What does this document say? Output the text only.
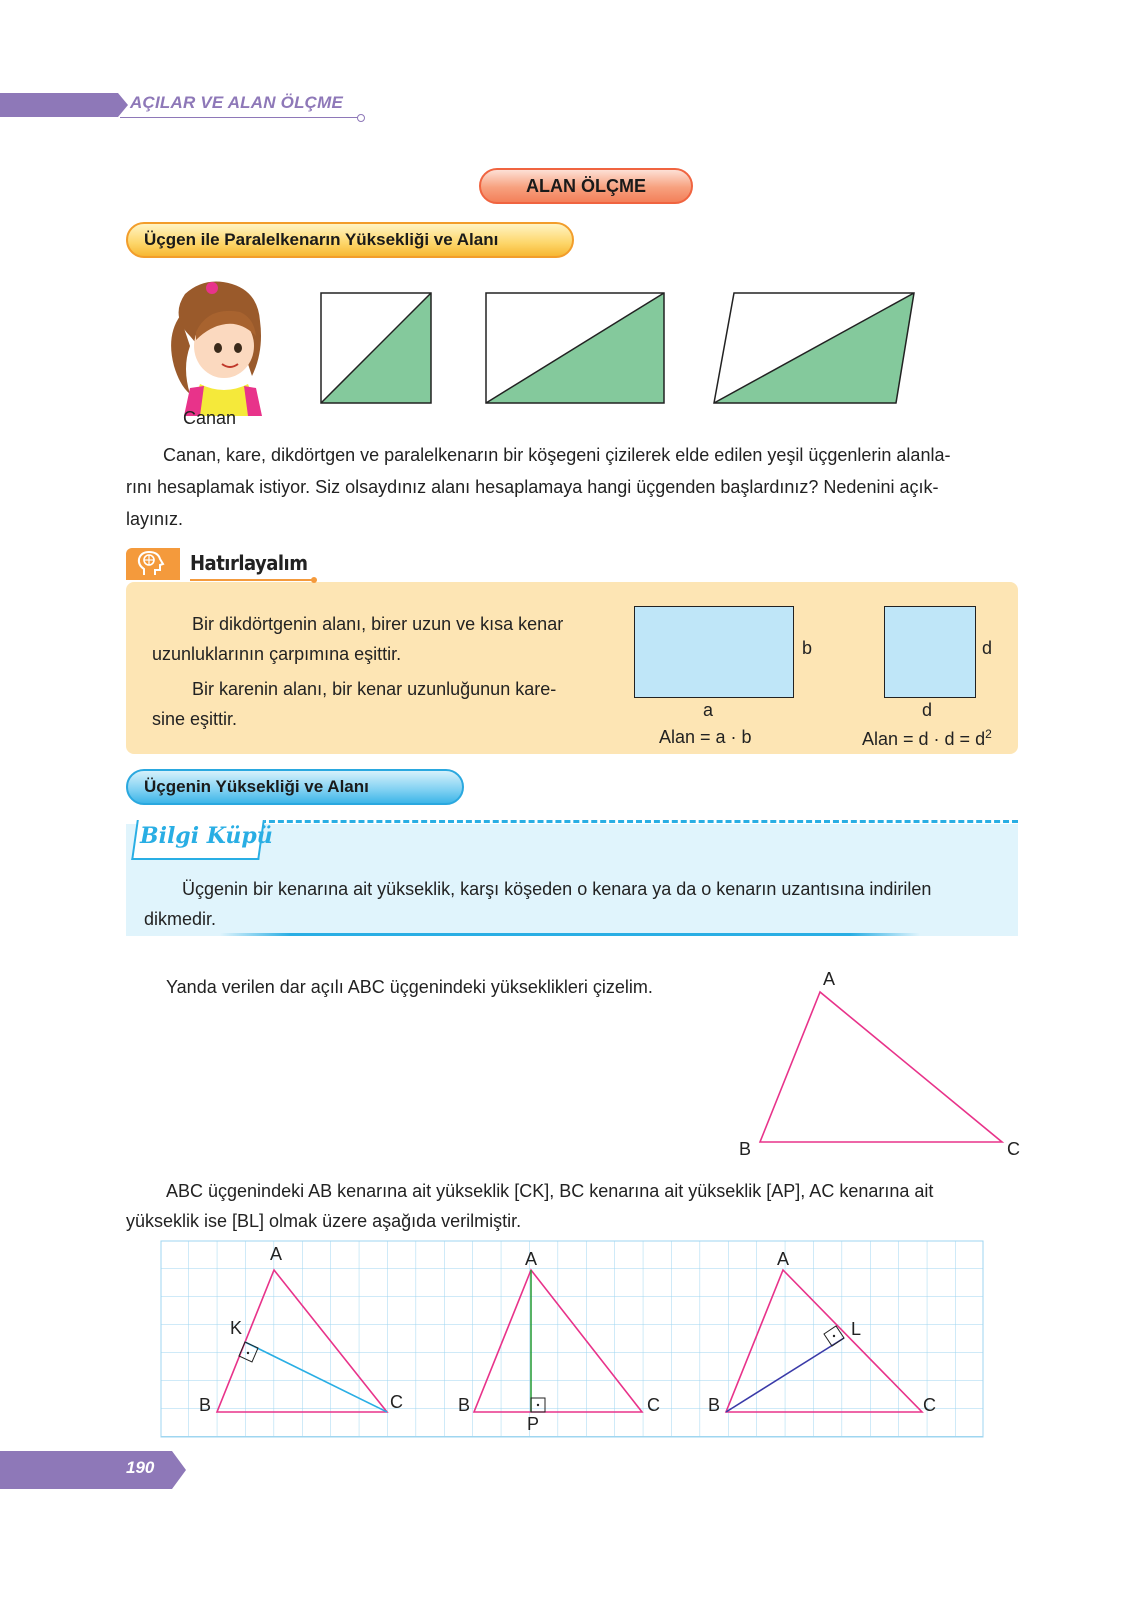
AÇILAR VE ALAN ÖLÇME
ALAN ÖLÇME
Üçgen ile Paralelkenarın Yüksekliği ve Alanı
Canan
Canan, kare, dikdörtgen ve paralelkenarın bir köşegeni çizilerek elde edilen yeşil üçgenlerin alanla-
rını hesaplamak istiyor. Siz olsaydınız alanı hesaplamaya hangi üçgenden başlardınız? Nedenini açık-
layınız.
Hatırlayalım
Bir dikdörtgenin alanı, birer uzun ve kısa kenar
uzunluklarının çarpımına eşittir.
Bir karenin alanı, bir kenar uzunluğunun kare-
sine eşittir.
b
a
Alan = a · b
d
d
Alan = $d \cdot d = d^2$
Üçgenin Yüksekliği ve Alanı
Bilgi Küpü
Üçgenin bir kenarına ait yükseklik, karşı köşeden o kenara ya da o kenarın uzantısına indirilen
dikmedir.
Yanda verilen dar açılı ABC üçgenindeki yükseklikleri çizelim.	A
B	C
ABC üçgenindeki AB kenarına ait yükseklik [CK], BC kenarına ait yükseklik [AP], AC kenarına ait
yükseklik ise [BL] olmak üzere aşağıda verilmiştir.
A
K
B	C
A
B	C
P
A
L
B	C
190
